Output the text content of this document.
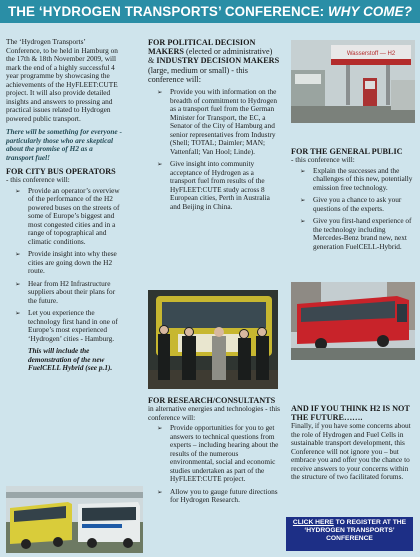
THE ‘HYDROGEN TRANSPORTS’ CONFERENCE: WHY COME?

The ‘Hydrogen Transports’ Conference, to be held in Hamburg on the 17th & 18th November 2009, will mark the end of a highly successful 4 year programme by showcasing the achievements of the HyFLEET:CUTE project. It will also provide detailed insights and answers to pressing and practical issues related to Hydrogen powered public transport.

There will be something for everyone - particularly those who are skeptical about the promise of H2 as a transport fuel!

FOR CITY BUS OPERATORS

- this conference will:

➢ Provide an operator’s overview of the performance of the H2 powered buses on the streets of some of Europe’s biggest and most congested cities and in a range of topographical and climatic conditions.
➢ Provide insight into why these cities are going down the H2 route.
➢ Hear from H2 Infrastructure suppliers about their plans for the future.
➢ Let you experience the technology first hand in one of Europe’s most experienced ‘Hydrogen’ cities - Hamburg.

This will include the demonstration of the new FuelCELL Hybrid (see p.1).

FOR POLITICAL DECISION MAKERS (elected or administrative) & INDUSTRY DECISION MAKERS (large, medium or small) - this conference will:

➢ Provide you with information on the breadth of commitment to Hydrogen as a transport fuel from the German Minister for Transport, the EC, a Senator of the City of Hamburg and senior representatives from Industry (Shell; TOTAL; Daimler; MAN; Vattenfall; Van Hool; Linde).
➢ Give insight into community acceptance of Hydrogen as a transport fuel from results of the HyFLEET:CUTE study across 8 European cities, Perth in Australia and Beijing in China.

FOR RESEARCH/CONSULTANTS

in alternative energies and technologies - this conference will:

➢ Provide opportunities for you to get answers to technical questions from experts – including hearing about the results of the numerous environmental, social and economic studies undertaken as part of the HyFLEET:CUTE project.
➢ Allow you to gauge future directions for Hydrogen Research.

FOR THE GENERAL PUBLIC

- this conference will:

➢ Explain the successes and the challenges of this new, potentially emission free technology.
➢ Give you a chance to ask your questions of the experts.
➢ Give you first-hand experience of the technology including Mercedes-Benz brand new, next generation FuelCELL-Hybrid.

AND IF YOU THINK H2 IS NOT THE FUTURE…….

Finally, if you have some concerns about the role of Hydrogen and Fuel Cells in sustainable transport development, this Conference will not ignore you – but embrace you and offer you the chance to receive answers to your concerns within the structure of two facilitated forums.

Wasserstoff — H2
CLICK HERE TO REGISTER AT THE ‘HYDROGEN TRANSPORTS’ CONFERENCE
